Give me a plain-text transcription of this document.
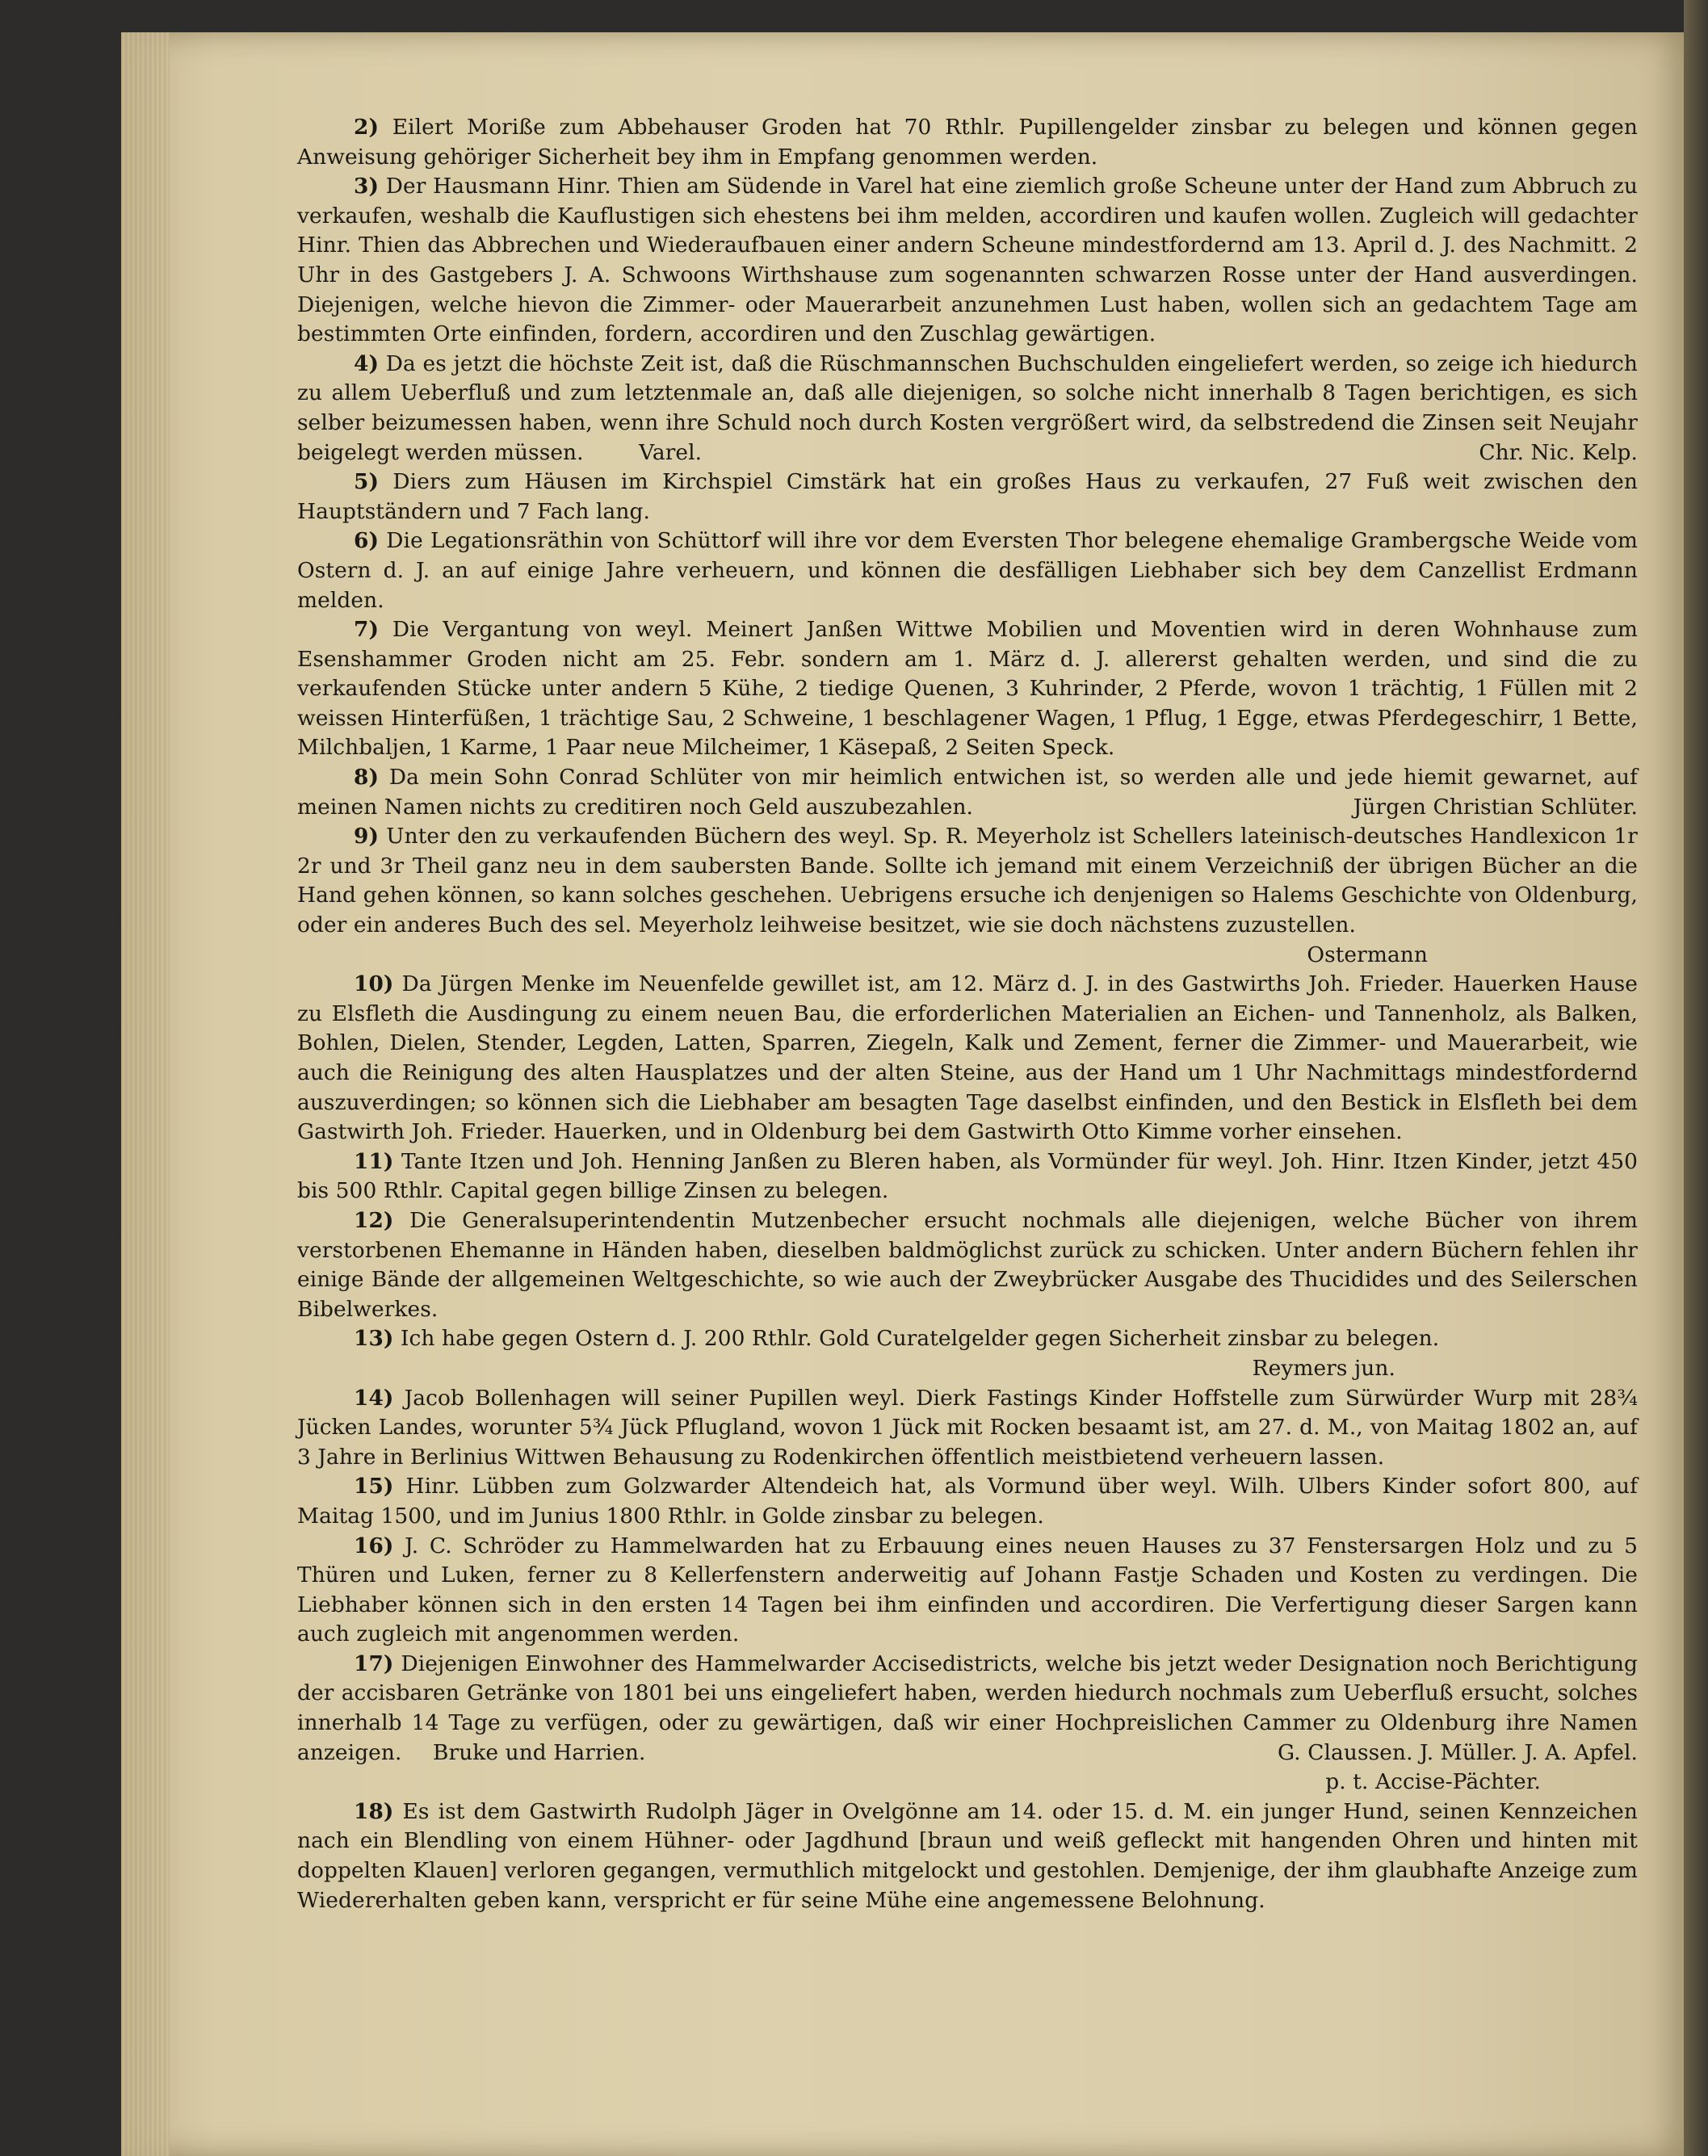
2) Eilert Moriße zum Abbehauser Groden hat 70 Rthlr. Pupillengelder zinsbar zu belegen und können gegen Anweisung gehöriger Sicherheit bey ihm in Empfang genommen werden.

3) Der Hausmann Hinr. Thien am Südende in Varel hat eine ziemlich große Scheune unter der Hand zum Abbruch zu verkaufen, weshalb die Kauflustigen sich ehestens bei ihm melden, accordiren und kaufen wollen. Zugleich will gedachter Hinr. Thien das Abbrechen und Wiederaufbauen einer andern Scheune mindestfordernd am 13. April d. J. des Nachmitt. 2 Uhr in des Gastgebers J. A. Schwoons Wirthshause zum sogenannten schwarzen Rosse unter der Hand ausverdingen. Diejenigen, welche hievon die Zimmer- oder Mauerarbeit anzunehmen Lust haben, wollen sich an gedachtem Tage am bestimmten Orte einfinden, fordern, accordiren und den Zuschlag gewärtigen.

4) Da es jetzt die höchste Zeit ist, daß die Rüschmannschen Buchschulden eingeliefert werden, so zeige ich hiedurch zu allem Ueberfluß und zum letztenmale an, daß alle diejenigen, so solche nicht innerhalb 8 Tagen berichtigen, es sich selber beizumessen haben, wenn ihre Schuld noch durch Kosten vergrößert wird, da selbstredend die Zinsen seit Neujahr beigelegt werden müssen.	Varel.	Chr. Nic. Kelp.

5) Diers zum Häusen im Kirchspiel Cimstärk hat ein großes Haus zu verkaufen, 27 Fuß weit zwischen den Hauptständern und 7 Fach lang.

6) Die Legationsräthin von Schüttorf will ihre vor dem Eversten Thor belegene ehemalige Grambergsche Weide vom Ostern d. J. an auf einige Jahre verheuern, und können die desfälligen Liebhaber sich bey dem Canzellist Erdmann melden.

7) Die Vergantung von weyl. Meinert Janßen Wittwe Mobilien und Moventien wird in deren Wohnhause zum Esenshammer Groden nicht am 25. Febr. sondern am 1. März d. J. allererst gehalten werden, und sind die zu verkaufenden Stücke unter andern 5 Kühe, 2 tiedige Quenen, 3 Kuhrinder, 2 Pferde, wovon 1 trächtig, 1 Füllen mit 2 weissen Hinterfüßen, 1 trächtige Sau, 2 Schweine, 1 beschlagener Wagen, 1 Pflug, 1 Egge, etwas Pferdegeschirr, 1 Bette, Milchbaljen, 1 Karme, 1 Paar neue Milcheimer, 1 Käsepaß, 2 Seiten Speck.

8) Da mein Sohn Conrad Schlüter von mir heimlich entwichen ist, so werden alle und jede hiemit gewarnet, auf meinen Namen nichts zu creditiren noch Geld auszubezahlen.	Jürgen Christian Schlüter.

9) Unter den zu verkaufenden Büchern des weyl. Sp. R. Meyerholz ist Schellers lateinisch-deutsches Handlexicon 1r 2r und 3r Theil ganz neu in dem saubersten Bande. Sollte ich jemand mit einem Verzeichniß der übrigen Bücher an die Hand gehen können, so kann solches geschehen. Uebrigens ersuche ich denjenigen so Halems Geschichte von Oldenburg, oder ein anderes Buch des sel. Meyerholz leihweise besitzet, wie sie doch nächstens zuzustellen.

Ostermann

10) Da Jürgen Menke im Neuenfelde gewillet ist, am 12. März d. J. in des Gastwirths Joh. Frieder. Hauerken Hause zu Elsfleth die Ausdingung zu einem neuen Bau, die erforderlichen Materialien an Eichen- und Tannenholz, als Balken, Bohlen, Dielen, Stender, Legden, Latten, Sparren, Ziegeln, Kalk und Zement, ferner die Zimmer- und Mauerarbeit, wie auch die Reinigung des alten Hausplatzes und der alten Steine, aus der Hand um 1 Uhr Nachmittags mindestfordernd auszuverdingen; so können sich die Liebhaber am besagten Tage daselbst einfinden, und den Bestick in Elsfleth bei dem Gastwirth Joh. Frieder. Hauerken, und in Oldenburg bei dem Gastwirth Otto Kimme vorher einsehen.

11) Tante Itzen und Joh. Henning Janßen zu Bleren haben, als Vormünder für weyl. Joh. Hinr. Itzen Kinder, jetzt 450 bis 500 Rthlr. Capital gegen billige Zinsen zu belegen.

12) Die Generalsuperintendentin Mutzenbecher ersucht nochmals alle diejenigen, welche Bücher von ihrem verstorbenen Ehemanne in Händen haben, dieselben baldmöglichst zurück zu schicken. Unter andern Büchern fehlen ihr einige Bände der allgemeinen Weltgeschichte, so wie auch der Zweybrücker Ausgabe des Thucidides und des Seilerschen Bibelwerkes.

13) Ich habe gegen Ostern d. J. 200 Rthlr. Gold Curatelgelder gegen Sicherheit zinsbar zu belegen.

Reymers jun.

14) Jacob Bollenhagen will seiner Pupillen weyl. Dierk Fastings Kinder Hoffstelle zum Sürwürder Wurp mit 28¾ Jücken Landes, worunter 5¾ Jück Pflugland, wovon 1 Jück mit Rocken besaamt ist, am 27. d. M., von Maitag 1802 an, auf 3 Jahre in Berlinius Wittwen Behausung zu Rodenkirchen öffentlich meistbietend verheuern lassen.

15) Hinr. Lübben zum Golzwarder Altendeich hat, als Vormund über weyl. Wilh. Ulbers Kinder sofort 800, auf Maitag 1500, und im Junius 1800 Rthlr. in Golde zinsbar zu belegen.

16) J. C. Schröder zu Hammelwarden hat zu Erbauung eines neuen Hauses zu 37 Fenstersargen Holz und zu 5 Thüren und Luken, ferner zu 8 Kellerfenstern anderweitig auf Johann Fastje Schaden und Kosten zu verdingen. Die Liebhaber können sich in den ersten 14 Tagen bei ihm einfinden und accordiren. Die Verfertigung dieser Sargen kann auch zugleich mit angenommen werden.

17) Diejenigen Einwohner des Hammelwarder Accisedistricts, welche bis jetzt weder Designation noch Berichtigung der accisbaren Getränke von 1801 bei uns eingeliefert haben, werden hiedurch nochmals zum Ueberfluß ersucht, solches innerhalb 14 Tage zu verfügen, oder zu gewärtigen, daß wir einer Hochpreislichen Cammer zu Oldenburg ihre Namen anzeigen. Bruke und Harrien.	G. Claussen. J. Müller. J. A. Apfel.

p. t. Accise-Pächter.

18) Es ist dem Gastwirth Rudolph Jäger in Ovelgönne am 14. oder 15. d. M. ein junger Hund, seinen Kennzeichen nach ein Blendling von einem Hühner- oder Jagdhund [braun und weiß gefleckt mit hangenden Ohren und hinten mit doppelten Klauen] verloren gegangen, vermuthlich mitgelockt und gestohlen. Demjenige, der ihm glaubhafte Anzeige zum Wiedererhalten geben kann, verspricht er für seine Mühe eine angemessene Belohnung.
